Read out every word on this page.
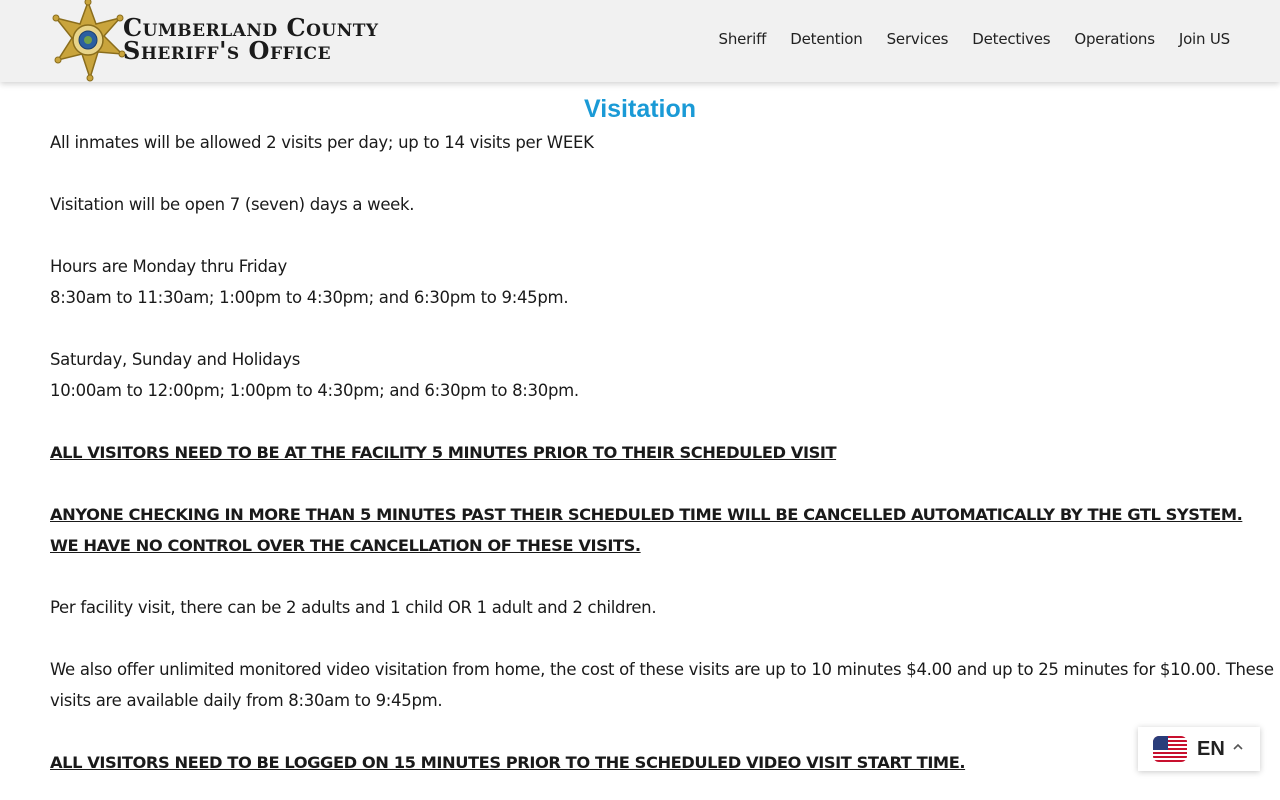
Cumberland County
Sheriff's Office	Sheriff Detention Services Detectives Operations Join US
Visitation
All inmates will be allowed 2 visits per day; up to 14 visits per WEEK
Visitation will be open 7 (seven) days a week.
Hours are Monday thru Friday
8:30am to 11:30am; 1:00pm to 4:30pm; and 6:30pm to 9:45pm.
Saturday, Sunday and Holidays
10:00am to 12:00pm; 1:00pm to 4:30pm; and 6:30pm to 8:30pm.
ALL VISITORS NEED TO BE AT THE FACILITY 5 MINUTES PRIOR TO THEIR SCHEDULED VISIT
ANYONE CHECKING IN MORE THAN 5 MINUTES PAST THEIR SCHEDULED TIME WILL BE CANCELLED AUTOMATICALLY BY THE GTL SYSTEM.
WE HAVE NO CONTROL OVER THE CANCELLATION OF THESE VISITS.
Per facility visit, there can be 2 adults and 1 child OR 1 adult and 2 children.
We also offer unlimited monitored video visitation from home, the cost of these visits are up to 10 minutes $4.00 and up to 25 minutes for $10.00. These
visits are available daily from 8:30am to 9:45pm.
ALL VISITORS NEED TO BE LOGGED ON 15 MINUTES PRIOR TO THE SCHEDULED VIDEO VISIT START TIME.
EN
